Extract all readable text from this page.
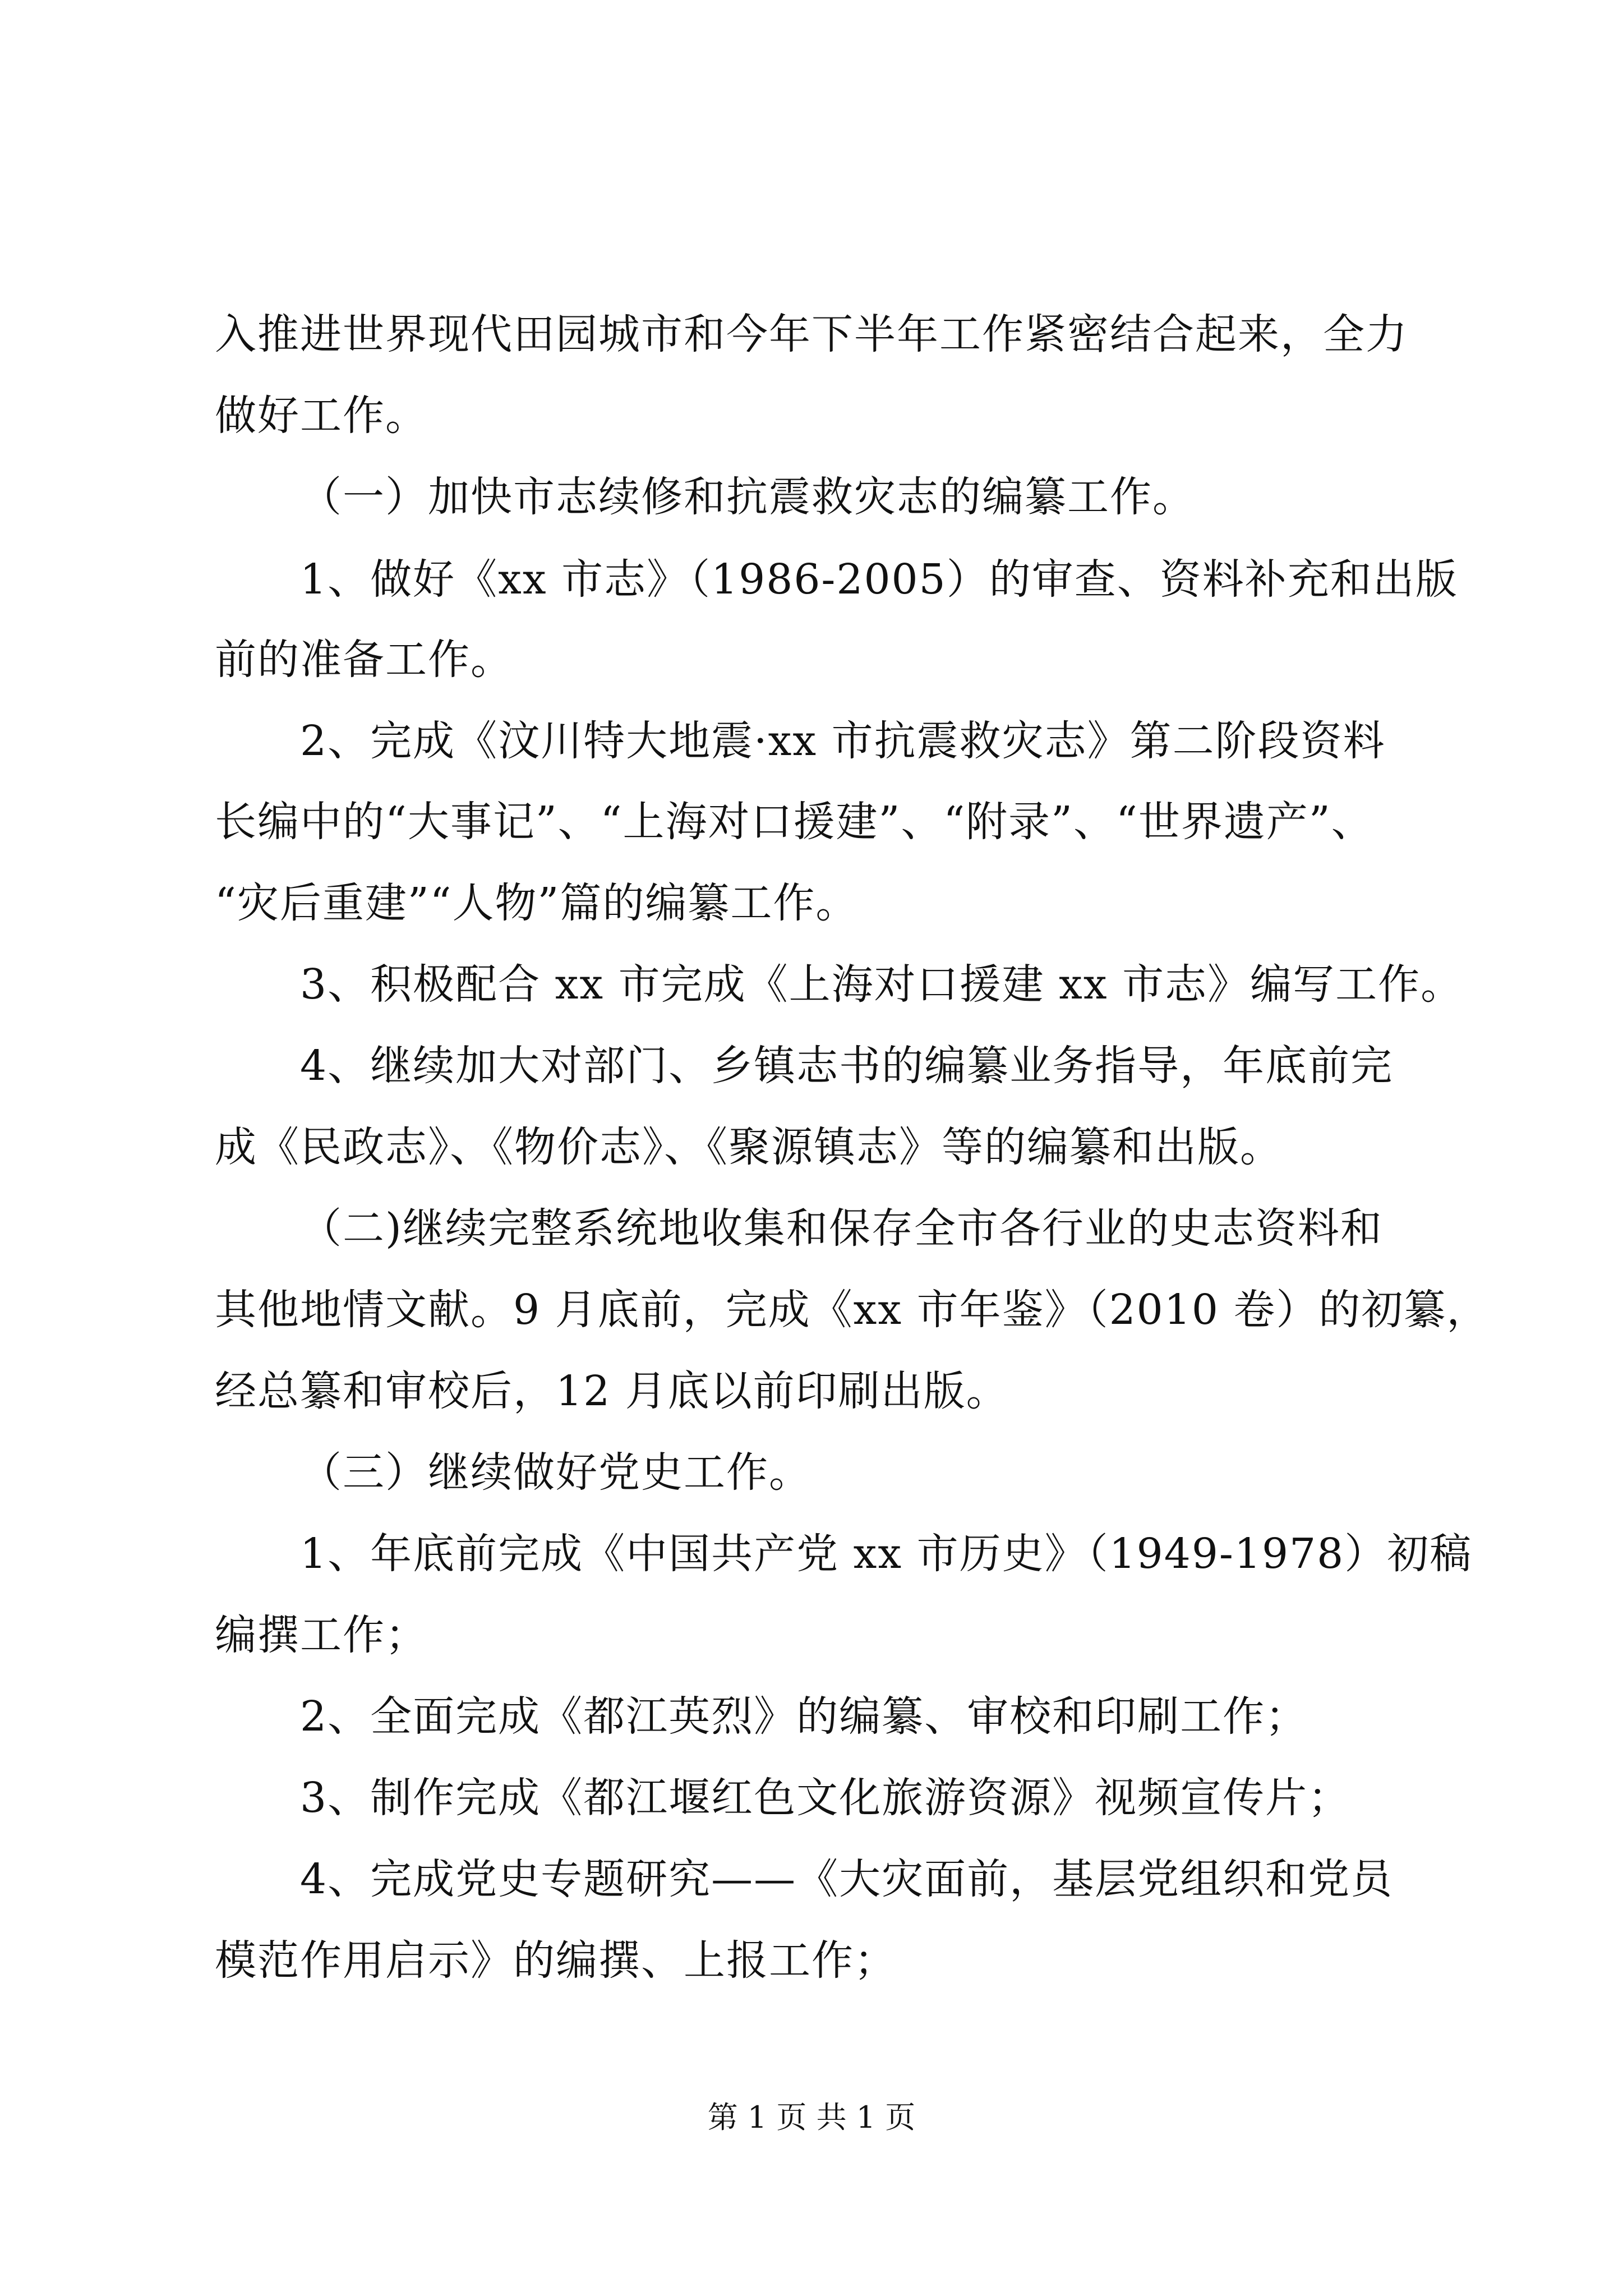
入推进世界现代田园城市和今年下半年工作紧密结合起来，全力
做好工作。
（一）加快市志续修和抗震救灾志的编纂工作。
1、做好《xx 市志》（1986-2005）的审查、资料补充和出版
前的准备工作。
2、完成《汶川特大地震·xx 市抗震救灾志》第二阶段资料
长编中的“大事记”、“上海对口援建”、“附录”、“世界遗产”、
“灾后重建”“人物”篇的编纂工作。
3、积极配合 xx 市完成《上海对口援建 xx 市志》编写工作。
4、继续加大对部门、乡镇志书的编纂业务指导，年底前完
成《民政志》、《物价志》、《聚源镇志》等的编纂和出版。
（二)继续完整系统地收集和保存全市各行业的史志资料和
其他地情文献。9 月底前，完成《xx 市年鉴》（2010 卷）的初纂，
经总纂和审校后，12 月底以前印刷出版。
（三）继续做好党史工作。
1、年底前完成《中国共产党 xx 市历史》（1949-1978）初稿
编撰工作；
2、全面完成《都江英烈》的编纂、审校和印刷工作；
3、制作完成《都江堰红色文化旅游资源》视频宣传片；
4、完成党史专题研究——《大灾面前，基层党组织和党员
模范作用启示》的编撰、上报工作；
第 1 页 共 1 页
